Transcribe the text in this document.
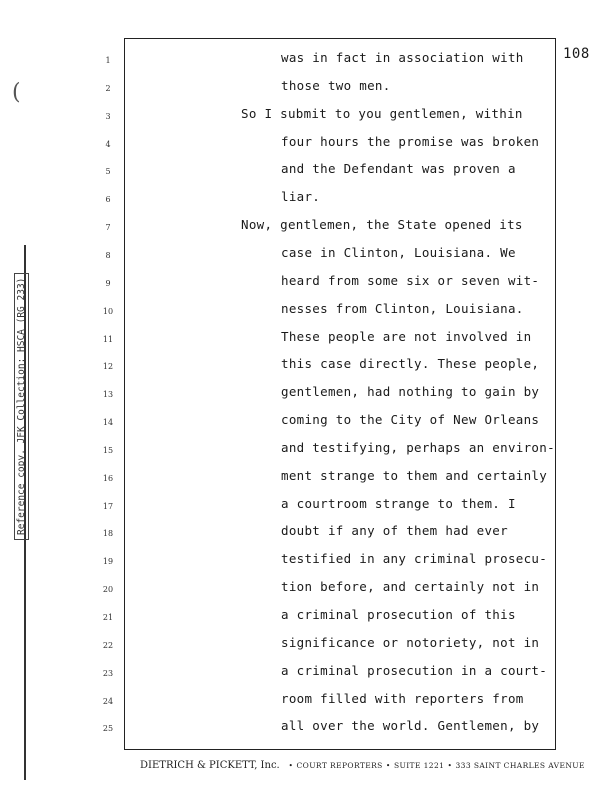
(
Reference copy, JFK Collection: HSCA (RG 233)
108
1	was in fact in association with
2	those two men.
3	So I submit to you gentlemen, within
4	four hours the promise was broken
5	and the Defendant was proven a
6	liar.
7	Now, gentlemen, the State opened its
8	case in Clinton, Louisiana. We
9	heard from some six or seven wit-
10	nesses from Clinton, Louisiana.
11	These people are not involved in
12	this case directly. These people,
13	gentlemen, had nothing to gain by
14	coming to the City of New Orleans
15	and testifying, perhaps an environ-
16	ment strange to them and certainly
17	a courtroom strange to them. I
18	doubt if any of them had ever
19	testified in any criminal prosecu-
20	tion before, and certainly not in
21	a criminal prosecution of this
22	significance or notoriety, not in
23	a criminal prosecution in a court-
24	room filled with reporters from
25	all over the world. Gentlemen, by
DIETRICH & PICKETT, Inc. • COURT REPORTERS • SUITE 1221 • 333 SAINT CHARLES AVENUE
